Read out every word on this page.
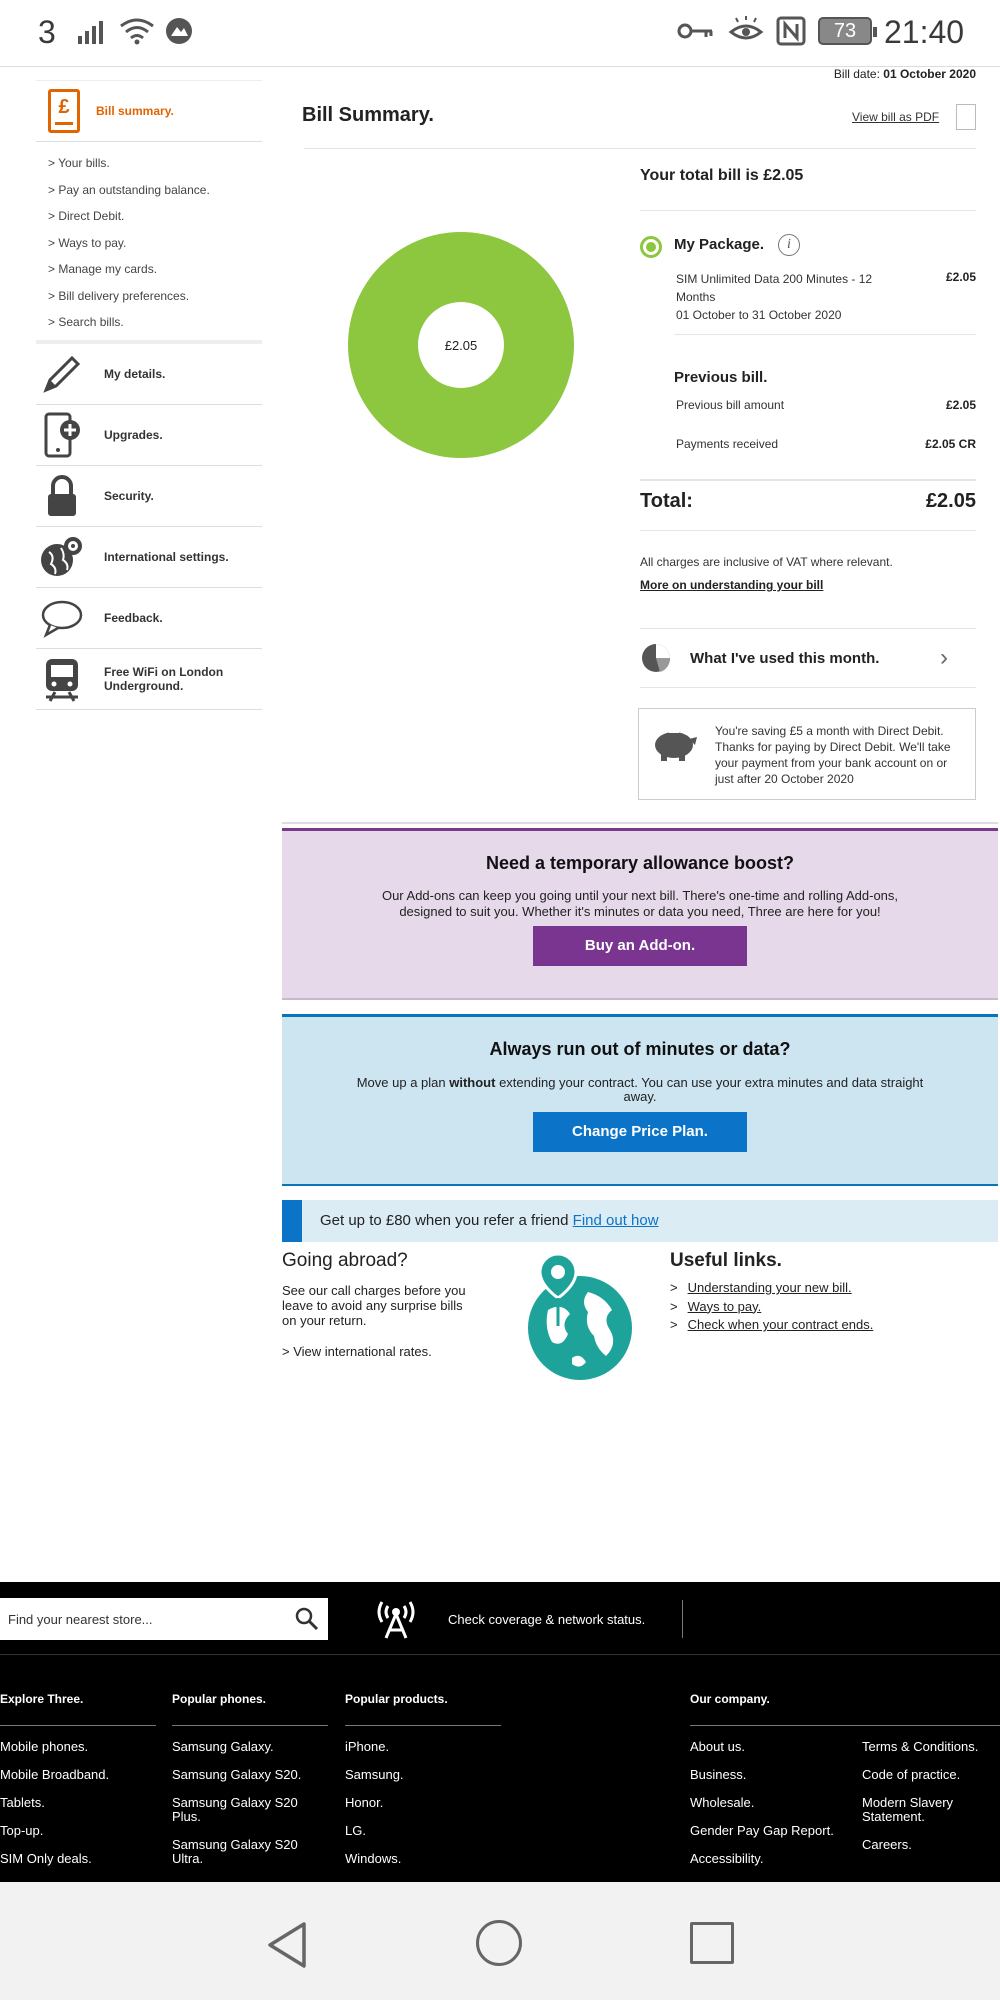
3	73 21:40
£	Bill summary.
> Your bills.
> Pay an outstanding balance.
> Direct Debit.
> Ways to pay.
> Manage my cards.
> Bill delivery preferences.
> Search bills.
My details.
Upgrades.
Security.
International settings.
Feedback.
Free WiFi on London Underground.
Bill date: 01 October 2020
Bill Summary.	View bill as PDF
Your total bill is £2.05
£2.05
My Package.	i
SIM Unlimited Data 200 Minutes - 12 Months
01 October to 31 October 2020
£2.05
Previous bill.
Previous bill amount	£2.05
Payments received	£2.05 CR
Total:	£2.05
All charges are inclusive of VAT where relevant.
More on understanding your bill
What I've used this month.	›
You're saving £5 a month with Direct Debit. Thanks for paying by Direct Debit. We'll take your payment from your bank account on or just after 20 October 2020
Need a temporary allowance boost?

Our Add-ons can keep you going until your next bill. There's one-time and rolling Add-ons, designed to suit you. Whether it's minutes or data you need, Three are here for you!

Buy an Add-on.
Always run out of minutes or data?

Move up a plan without extending your contract. You can use your extra minutes and data straight away.

Change Price Plan.
Get up to £80 when you refer a friend Find out how
Going abroad?
See our call charges before you leave to avoid any surprise bills on your return.
> View international rates.
Useful links.
> Understanding your new bill.
> Ways to pay.
> Check when your contract ends.
Find your nearest store...	Check coverage & network status.
Explore Three.
Mobile phones.
Mobile Broadband.
Tablets.
Top-up.
SIM Only deals.
Popular phones.
Samsung Galaxy.
Samsung Galaxy S20.
Samsung Galaxy S20 Plus.
Samsung Galaxy S20 Ultra.
Popular products.
iPhone.
Samsung.
Honor.
LG.
Windows.
Our company.
About us.
Business.
Wholesale.
Gender Pay Gap Report.
Accessibility.
Terms & Conditions.
Code of practice.
Modern Slavery Statement.
Careers.
